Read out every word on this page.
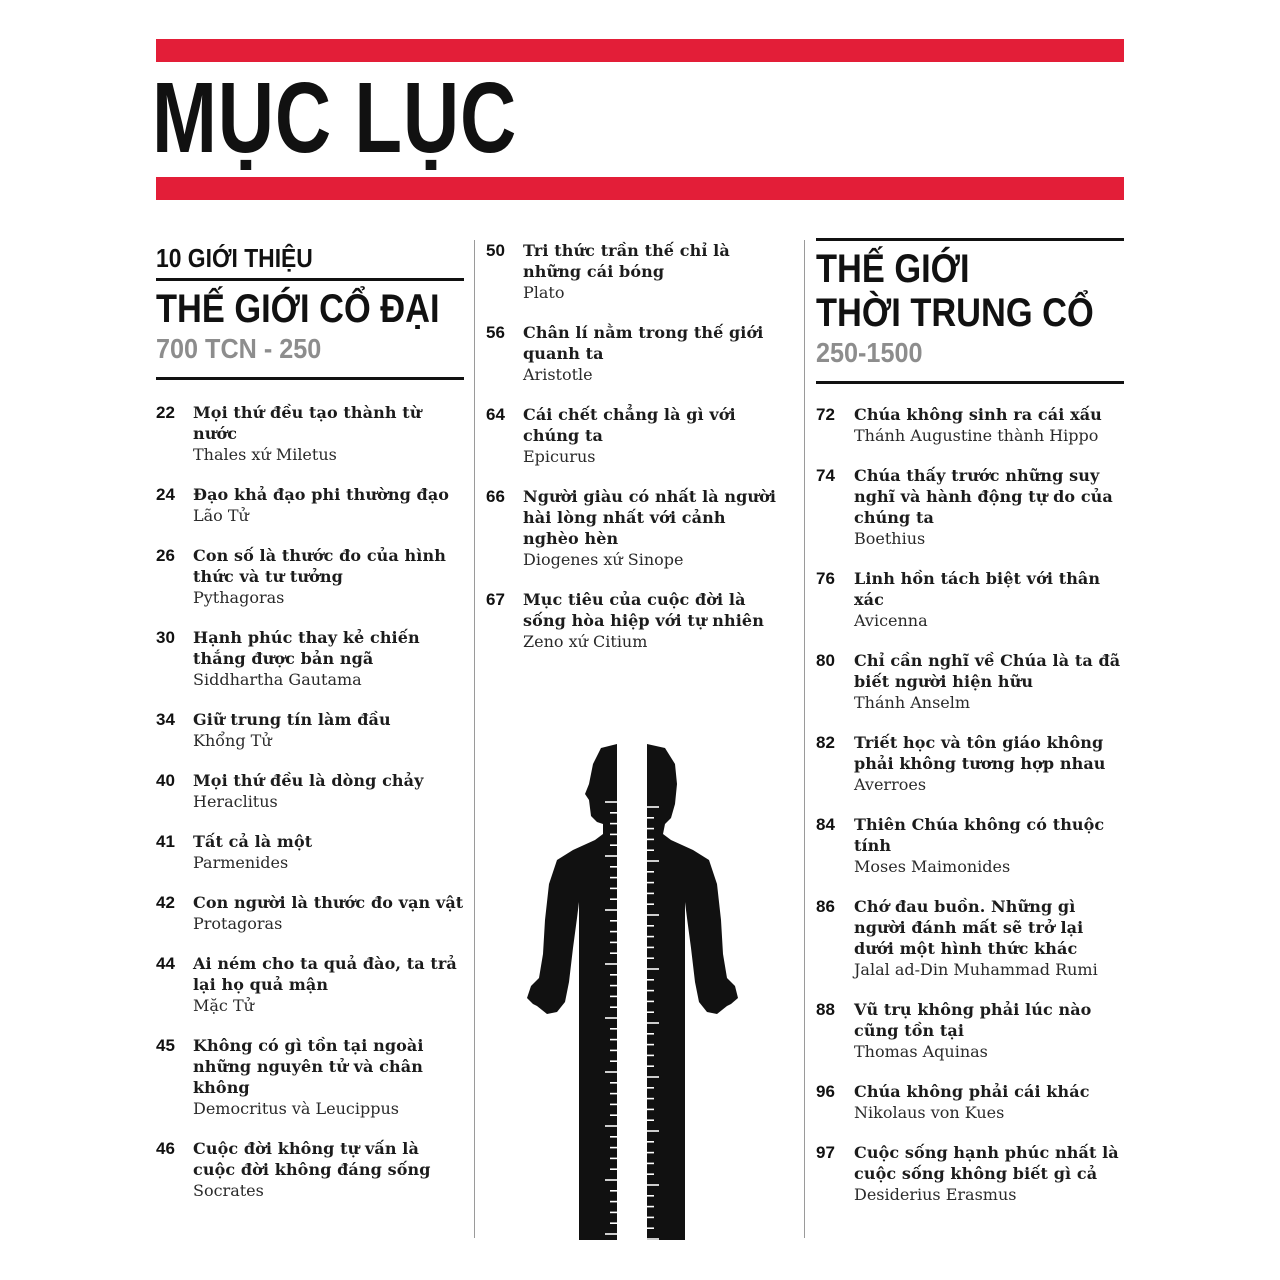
MỤC LỤC
10 GIỚI THIỆU
THẾ GIỚI CỔ ĐẠI
700 TCN - 250
22 Mọi thứ đều tạo thành từ nước
Thales xứ Miletus
24 Đạo khả đạo phi thường đạo
Lão Tử
26 Con số là thước đo của hình thức và tư tưởng
Pythagoras
30 Hạnh phúc thay kẻ chiến thắng được bản ngã
Siddhartha Gautama
34 Giữ trung tín làm đầu
Khổng Tử
40 Mọi thứ đều là dòng chảy
Heraclitus
41 Tất cả là một
Parmenides
42 Con người là thước đo vạn vật
Protagoras
44 Ai ném cho ta quả đào, ta trả lại họ quả mận
Mặc Tử
45 Không có gì tồn tại ngoài những nguyên tử và chân không
Democritus và Leucippus
46 Cuộc đời không tự vấn là cuộc đời không đáng sống
Socrates
50 Tri thức trần thế chỉ là những cái bóng
Plato
56 Chân lí nằm trong thế giới quanh ta
Aristotle
64 Cái chết chẳng là gì với chúng ta
Epicurus
66 Người giàu có nhất là người hài lòng nhất với cảnh nghèo hèn
Diogenes xứ Sinope
67 Mục tiêu của cuộc đời là sống hòa hiệp với tự nhiên
Zeno xứ Citium
THẾ GIỚI
THỜI TRUNG CỔ
250-1500
72 Chúa không sinh ra cái xấu
Thánh Augustine thành Hippo
74 Chúa thấy trước những suy nghĩ và hành động tự do của chúng ta
Boethius
76 Linh hồn tách biệt với thân xác
Avicenna
80 Chỉ cần nghĩ về Chúa là ta đã biết người hiện hữu
Thánh Anselm
82 Triết học và tôn giáo không phải không tương hợp nhau
Averroes
84 Thiên Chúa không có thuộc tính
Moses Maimonides
86 Chớ đau buồn. Những gì người đánh mất sẽ trở lại dưới một hình thức khác
Jalal ad-Din Muhammad Rumi
88 Vũ trụ không phải lúc nào cũng tồn tại
Thomas Aquinas
96 Chúa không phải cái khác
Nikolaus von Kues
97 Cuộc sống hạnh phúc nhất là cuộc sống không biết gì cả
Desiderius Erasmus
